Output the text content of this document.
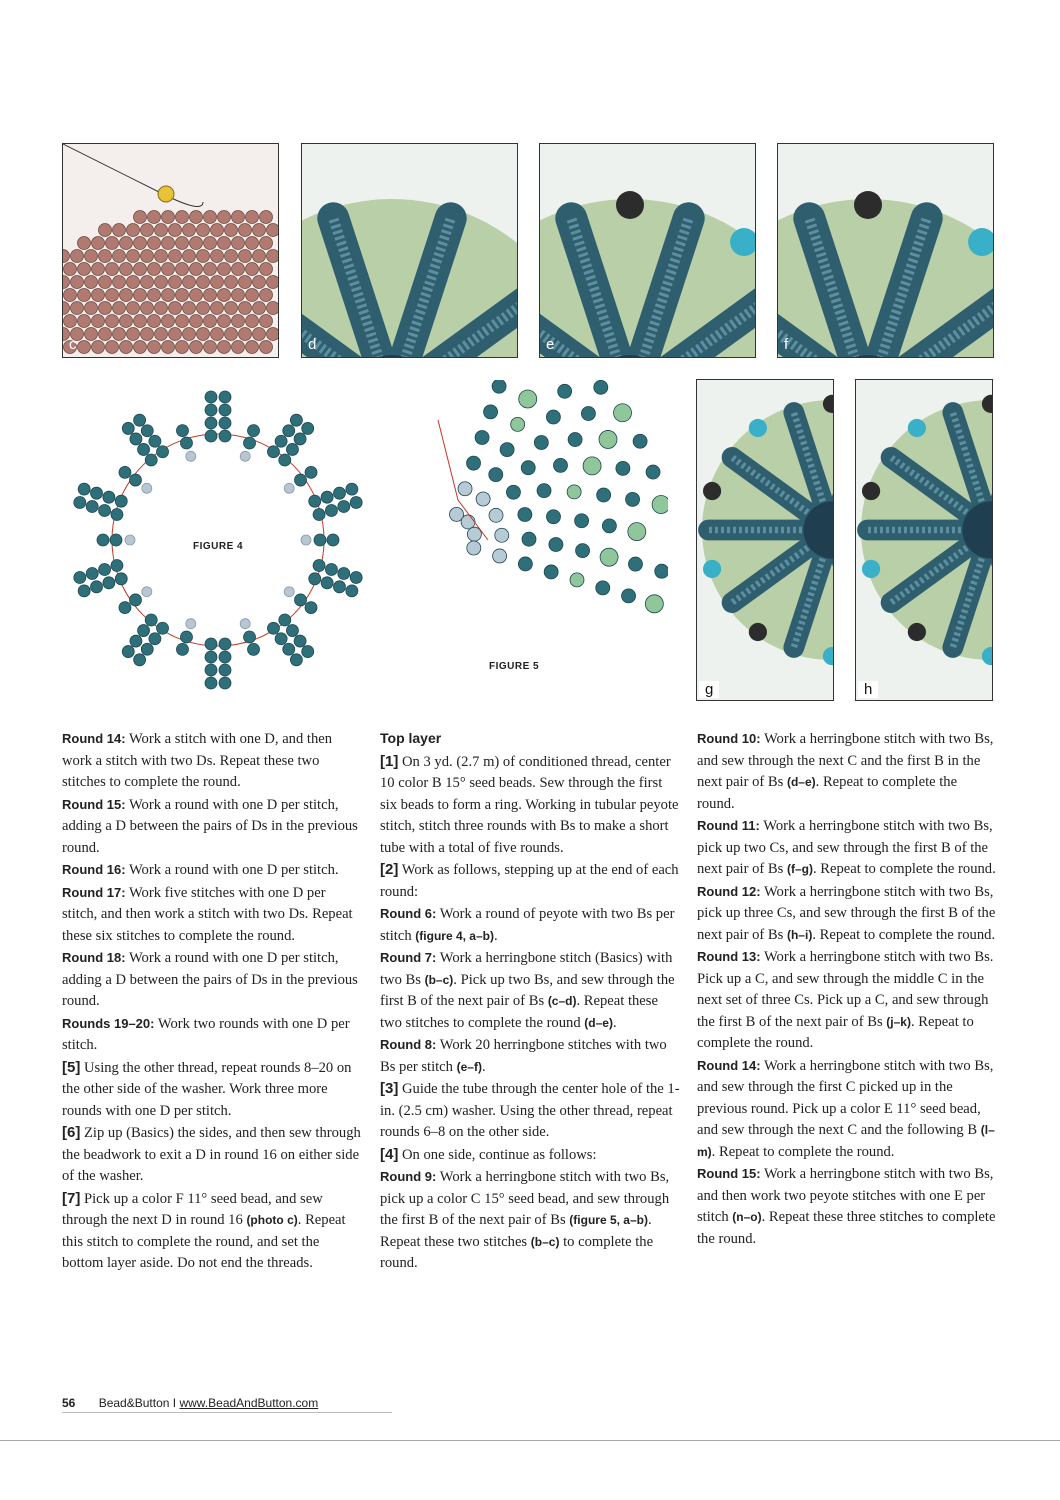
c	d	e	f
FIGURE 4
FIGURE 5
g	h

Round 14: Work a stitch with one D, and then work a stitch with two Ds. Repeat these two stitches to complete the round.

Round 15: Work a round with one D per stitch, adding a D between the pairs of Ds in the previous round.

Round 16: Work a round with one D per stitch.

Round 17: Work five stitches with one D per stitch, and then work a stitch with two Ds. Repeat these six stitches to complete the round.

Round 18: Work a round with one D per stitch, adding a D between the pairs of Ds in the previous round.

Rounds 19–20: Work two rounds with one D per stitch.

[5] Using the other thread, repeat rounds 8–20 on the other side of the washer. Work three more rounds with one D per stitch.

[6] Zip up (Basics) the sides, and then sew through the beadwork to exit a D in round 16 on either side of the washer.

[7] Pick up a color F 11° seed bead, and sew through the next D in round 16 (photo c). Repeat this stitch to complete the round, and set the bottom layer aside. Do not end the threads.

Top layer

[1] On 3 yd. (2.7 m) of conditioned thread, center 10 color B 15° seed beads. Sew through the first six beads to form a ring. Working in tubular peyote stitch, stitch three rounds with Bs to make a short tube with a total of five rounds.

[2] Work as follows, stepping up at the end of each round:

Round 6: Work a round of peyote with two Bs per stitch (figure 4, a–b).

Round 7: Work a herringbone stitch (Basics) with two Bs (b–c). Pick up two Bs, and sew through the first B of the next pair of Bs (c–d). Repeat these two stitches to complete the round (d–e).

Round 8: Work 20 herringbone stitches with two Bs per stitch (e–f).

[3] Guide the tube through the center hole of the 1-in. (2.5 cm) washer. Using the other thread, repeat rounds 6–8 on the other side.

[4] On one side, continue as follows:

Round 9: Work a herringbone stitch with two Bs, pick up a color C 15° seed bead, and sew through the first B of the next pair of Bs (figure 5, a–b). Repeat these two stitches (b–c) to complete the round.

Round 10: Work a herringbone stitch with two Bs, and sew through the next C and the first B in the next pair of Bs (d–e). Repeat to complete the round.

Round 11: Work a herringbone stitch with two Bs, pick up two Cs, and sew through the first B of the next pair of Bs (f–g). Repeat to complete the round.

Round 12: Work a herringbone stitch with two Bs, pick up three Cs, and sew through the first B of the next pair of Bs (h–i). Repeat to complete the round.

Round 13: Work a herringbone stitch with two Bs. Pick up a C, and sew through the middle C in the next set of three Cs. Pick up a C, and sew through the first B of the next pair of Bs (j–k). Repeat to complete the round.

Round 14: Work a herringbone stitch with two Bs, and sew through the first C picked up in the previous round. Pick up a color E 11° seed bead, and sew through the next C and the following B (l–m). Repeat to complete the round.

Round 15: Work a herringbone stitch with two Bs, and then work two peyote stitches with one E per stitch (n–o). Repeat these three stitches to complete the round.

56 Bead&Button I www.BeadAndButton.com
